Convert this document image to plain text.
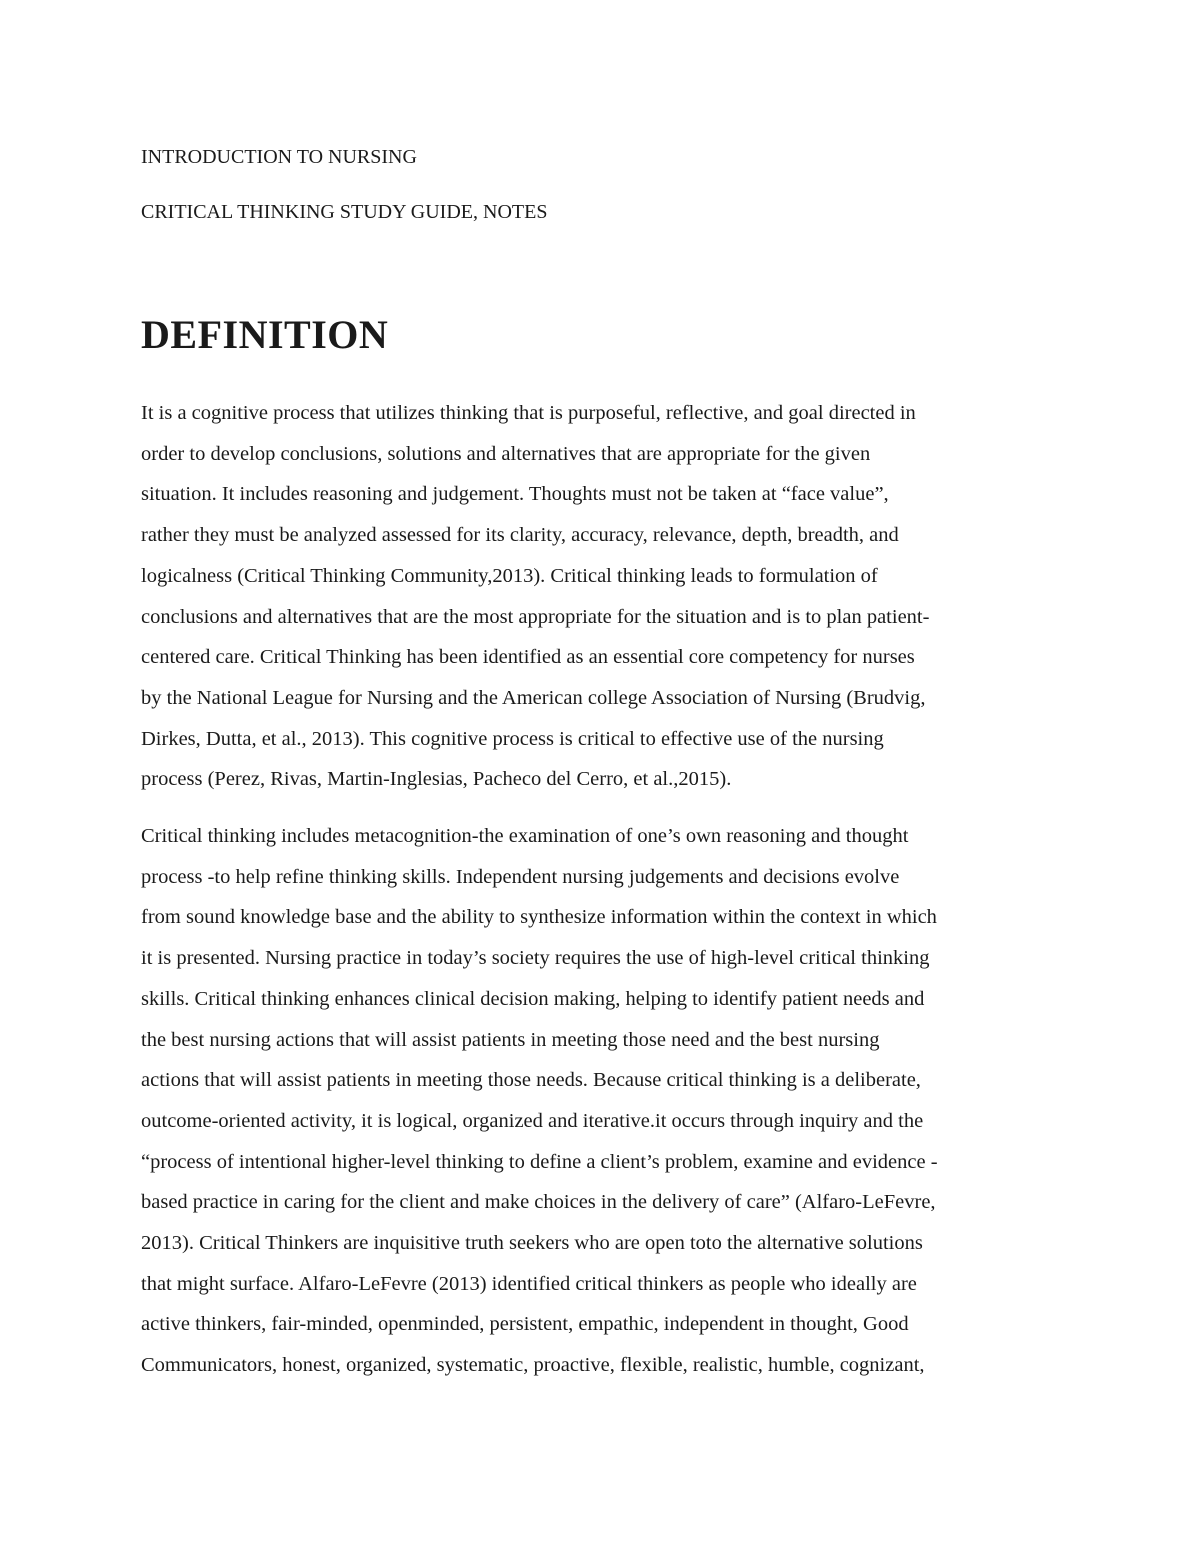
INTRODUCTION TO NURSING
CRITICAL THINKING STUDY GUIDE, NOTES
DEFINITION
It is a cognitive process that utilizes thinking that is purposeful, reflective, and goal directed in
order to develop conclusions, solutions and alternatives that are appropriate for the given
situation. It includes reasoning and judgement. Thoughts must not be taken at “face value”,
rather they must be analyzed assessed for its clarity, accuracy, relevance, depth, breadth, and
logicalness (Critical Thinking Community,2013). Critical thinking leads to formulation of
conclusions and alternatives that are the most appropriate for the situation and is to plan patient-
centered care. Critical Thinking has been identified as an essential core competency for nurses
by the National League for Nursing and the American college Association of Nursing (Brudvig,
Dirkes, Dutta, et al., 2013). This cognitive process is critical to effective use of the nursing
process (Perez, Rivas, Martin-Inglesias, Pacheco del Cerro, et al.,2015).
Critical thinking includes metacognition-the examination of one’s own reasoning and thought
process -to help refine thinking skills. Independent nursing judgements and decisions evolve
from sound knowledge base and the ability to synthesize information within the context in which
it is presented. Nursing practice in today’s society requires the use of high-level critical thinking
skills. Critical thinking enhances clinical decision making, helping to identify patient needs and
the best nursing actions that will assist patients in meeting those need and the best nursing
actions that will assist patients in meeting those needs. Because critical thinking is a deliberate,
outcome-oriented activity, it is logical, organized and iterative.it occurs through inquiry and the
“process of intentional higher-level thinking to define a client’s problem, examine and evidence -
based practice in caring for the client and make choices in the delivery of care” (Alfaro-LeFevre,
2013). Critical Thinkers are inquisitive truth seekers who are open toto the alternative solutions
that might surface. Alfaro-LeFevre (2013) identified critical thinkers as people who ideally are
active thinkers, fair-minded, openminded, persistent, empathic, independent in thought, Good
Communicators, honest, organized, systematic, proactive, flexible, realistic, humble, cognizant,
